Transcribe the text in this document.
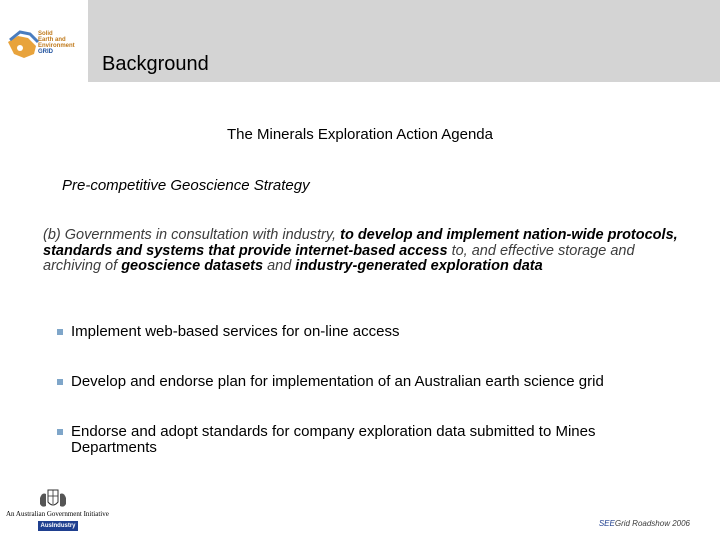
Solid
Earth and
Environment
GRID
Background
The Minerals Exploration Action Agenda
Pre-competitive Geoscience Strategy
(b) Governments in consultation with industry, to develop and implement nation-wide protocols, standards and systems that provide internet-based access to, and effective storage and archiving of geoscience datasets and industry-generated exploration data
Implement web-based services for on-line access
Develop and endorse plan for implementation of an Australian earth science grid
Endorse and adopt standards for company exploration data submitted to Mines Departments
An Australian Government Initiative
AusIndustry	SEEGrid Roadshow 2006
